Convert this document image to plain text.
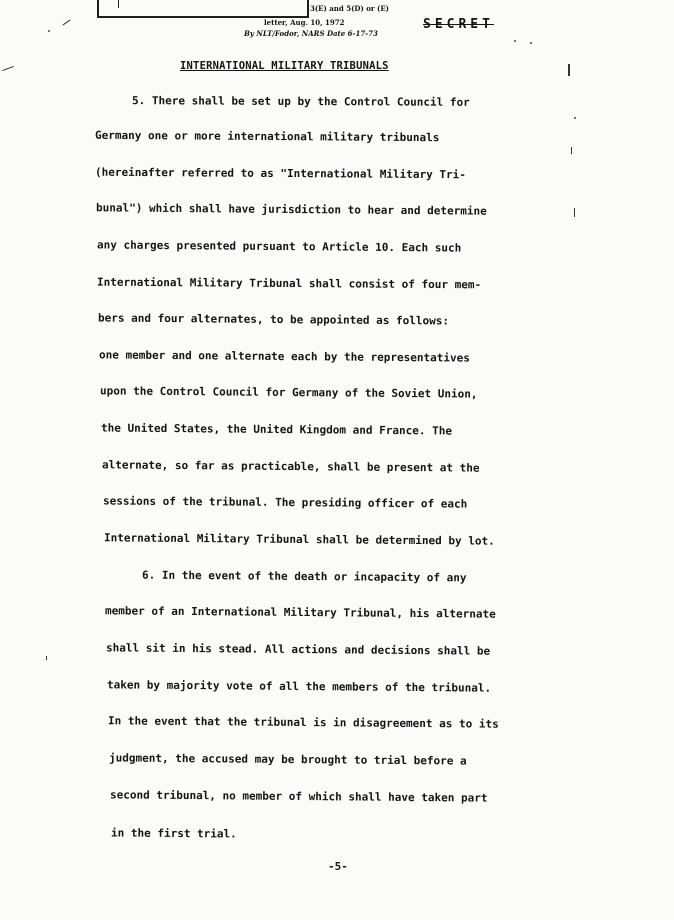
3(E) and 5(D) or (E)
letter, Aug. 10, 1972
By NLT/Fodor, NARS Date 6-17-73
SECRET
INTERNATIONAL MILITARY TRIBUNALS
5. There shall be set up by the Control Council for
Germany one or more international military tribunals
(hereinafter referred to as "International Military Tri-
bunal") which shall have jurisdiction to hear and determine
any charges presented pursuant to Article 10. Each such
International Military Tribunal shall consist of four mem-
bers and four alternates, to be appointed as follows:
one member and one alternate each by the representatives
upon the Control Council for Germany of the Soviet Union,
the United States, the United Kingdom and France. The
alternate, so far as practicable, shall be present at the
sessions of the tribunal. The presiding officer of each
International Military Tribunal shall be determined by lot.
6. In the event of the death or incapacity of any
member of an International Military Tribunal, his alternate
shall sit in his stead. All actions and decisions shall be
taken by majority vote of all the members of the tribunal.
In the event that the tribunal is in disagreement as to its
judgment, the accused may be brought to trial before a
second tribunal, no member of which shall have taken part
in the first trial.
-5-
